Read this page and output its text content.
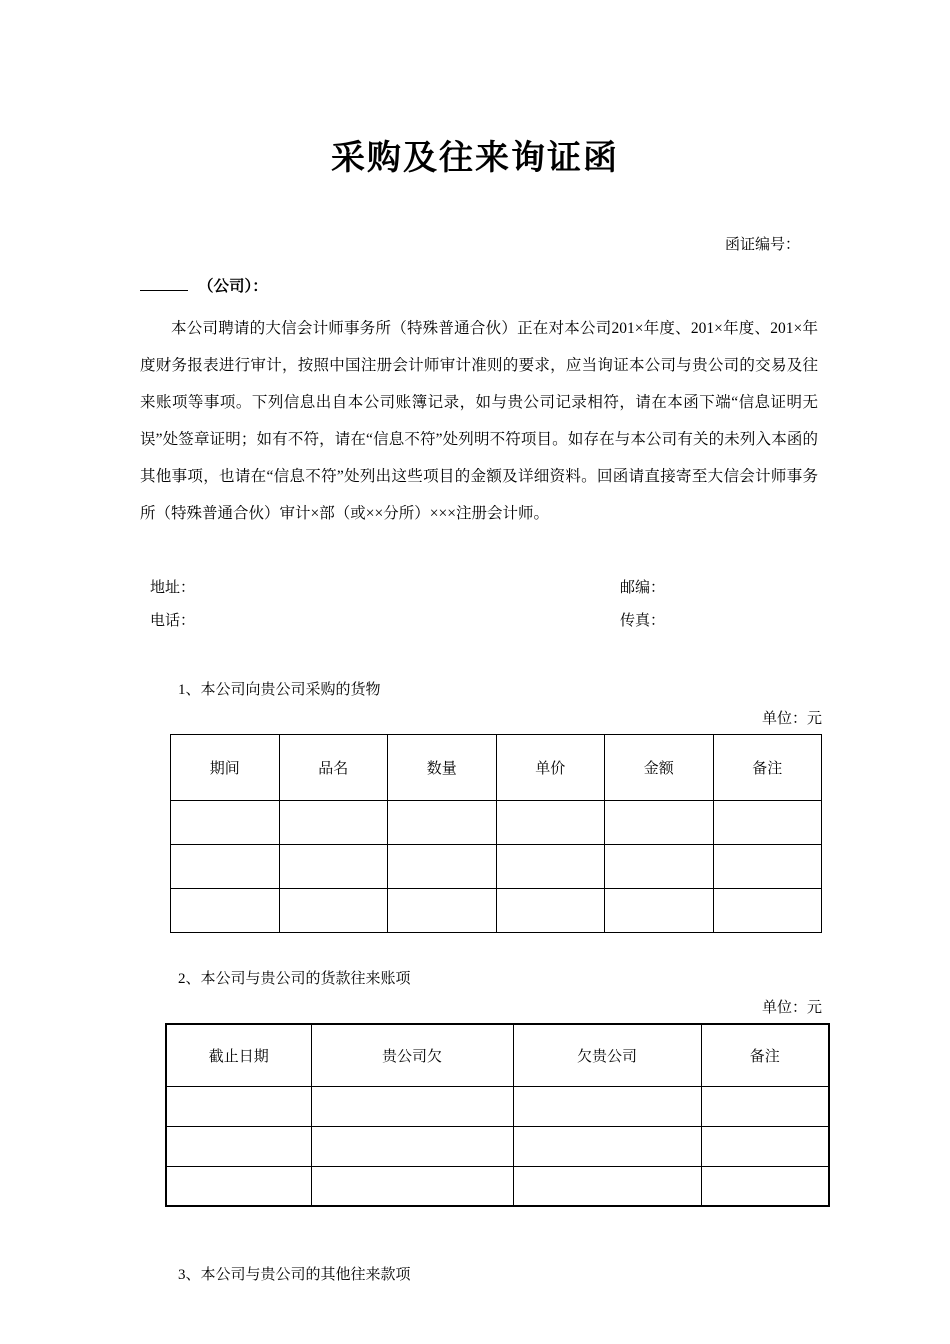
采购及往来询证函
函证编号：
（公司）：

本公司聘请的大信会计师事务所（特殊普通合伙）正在对本公司201×年度、201×年度、201×年度财务报表进行审计，按照中国注册会计师审计准则的要求，应当询证本公司与贵公司的交易及往来账项等事项。下列信息出自本公司账簿记录，如与贵公司记录相符，请在本函下端“信息证明无误”处签章证明；如有不符，请在“信息不符”处列明不符项目。如存在与本公司有关的未列入本函的其他事项，也请在“信息不符”处列出这些项目的金额及详细资料。回函请直接寄至大信会计师事务所（特殊普通合伙）审计×部（或××分所）×××注册会计师。

地址：	邮编：
电话：	传真：
1、本公司向贵公司采购的货物
单位：元
期间	品名	数量	单价	金额	备注

2、本公司与贵公司的货款往来账项
单位：元
截止日期	贵公司欠	欠贵公司	备注

3、本公司与贵公司的其他往来款项
